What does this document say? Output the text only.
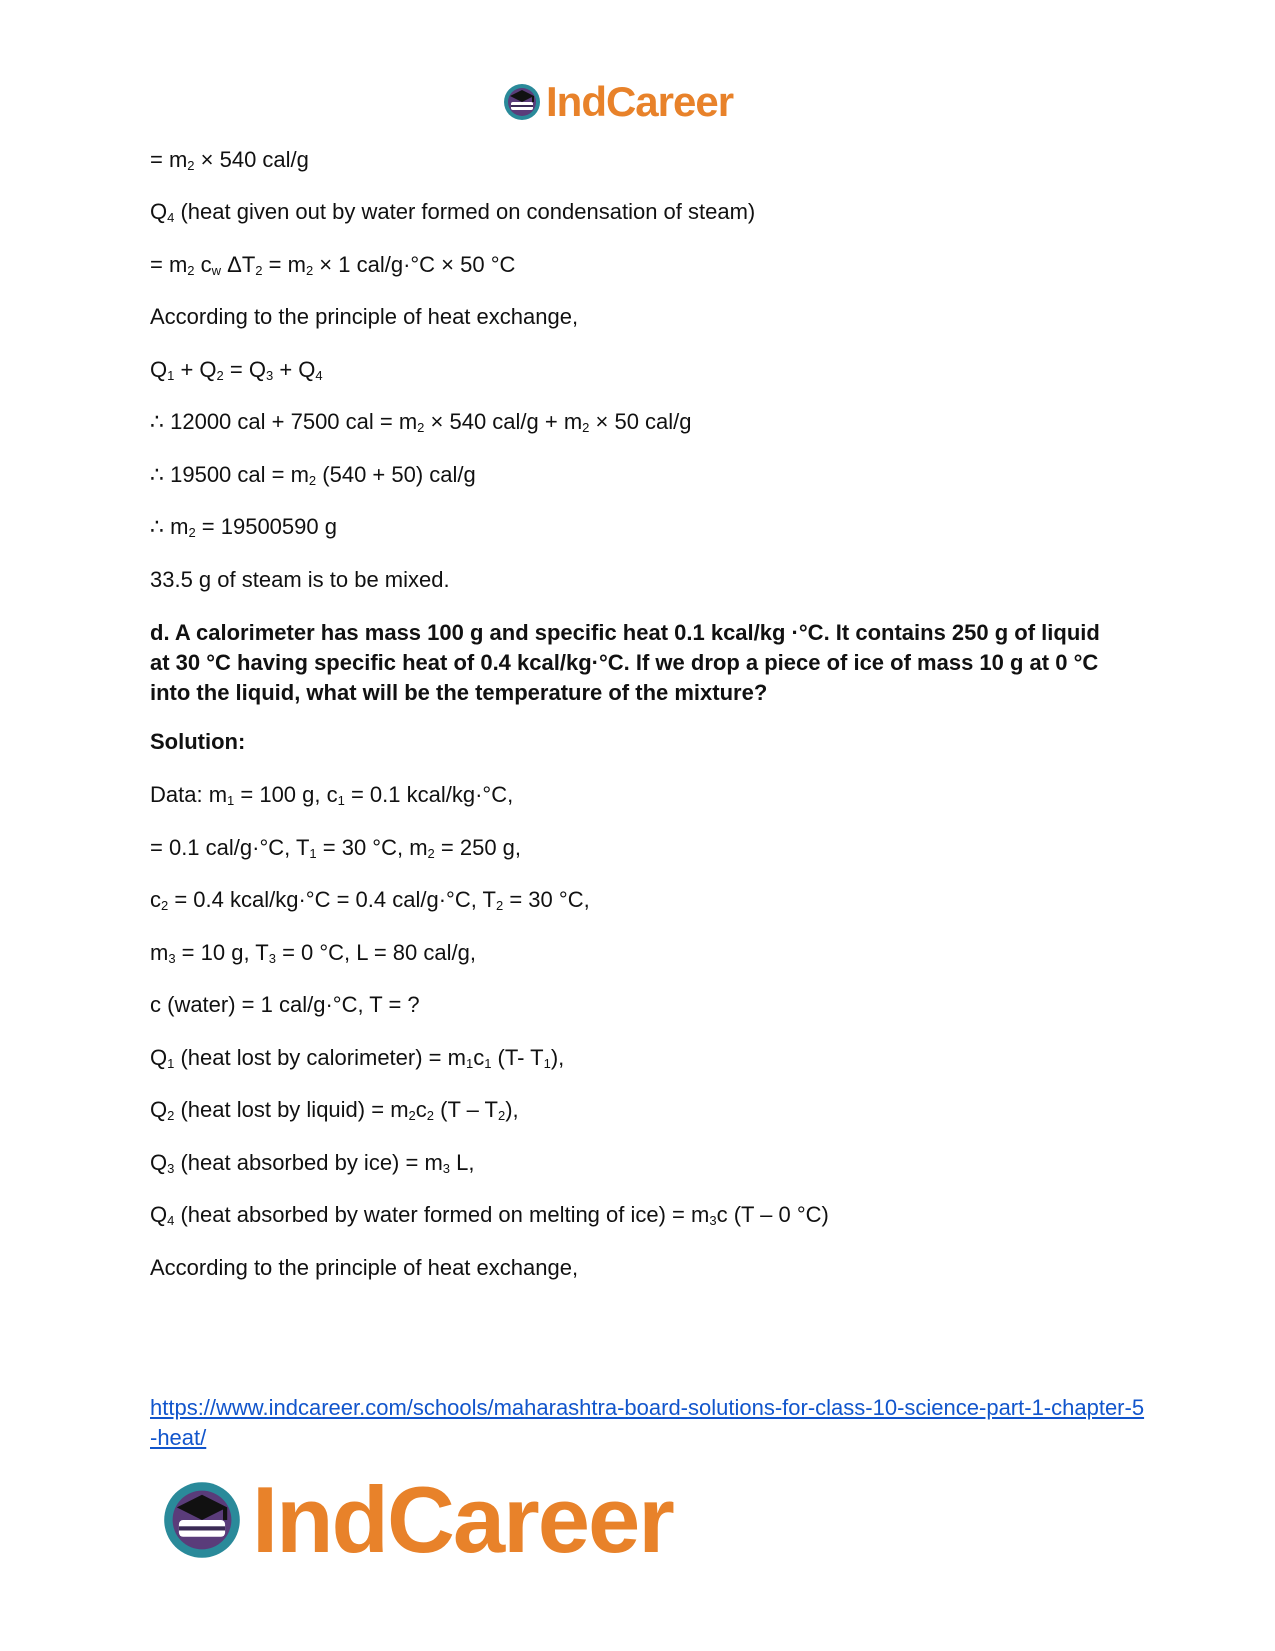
IndCareer

= $m_2 \times 540$ cal/g

$Q_4$ (heat given out by water formed on condensation of steam)

= $m_2$ $c_w$ $\Delta T_2 = m_2 \times 1$ cal/g·°C × 50 °C

According to the principle of heat exchange,

$Q_1 + Q_2 = Q_3 + Q_4$

∴ 12000 cal + 7500 cal = $m_2 \times 540$ $cal/g + m_2 \times 50$ cal/g

∴ 19500 cal = $m_2$ (540 + 50) cal/g

∴ $m_2 = 19500590$ g

33.5 g of steam is to be mixed.

d. A calorimeter has mass 100 g and specific heat 0.1 kcal/kg ·°C. It contains 250 g of liquid at 30 °C having specific heat of 0.4 kcal/kg·°C. If we drop a piece of ice of mass 10 g at 0 °C into the liquid, what will be the temperature of the mixture?

Solution:

Data: $m_1 = 100$ g, $c_1 = 0.1$ kcal/kg·°C,

= 0.1 cal/g·°C, $T_1 = 30$ °C, $m_2 = 250$ g,

$c_2 = 0.4$ kcal/kg·°C = 0.4 cal/g·°C, $T_2 = 30$ °C,

$m_3 = 10$ g, $T_3 = 0$ °C, L = 80 cal/g,

c (water) = 1 cal/g·°C, T = ?

$Q_1$ (heat lost by calorimeter) = $m_1c_1$ (T- $T_1$),

$Q_2$ (heat lost by liquid) = $m_2c_2$ $(T - T_2)$,

$Q_3$ (heat absorbed by $ice) = m_3$ L,

$Q_4$ (heat absorbed by water formed on melting of $ice) = m_3c$ (T – 0 °C)

According to the principle of heat exchange,

https://www.indcareer.com/schools/maharashtra-board-solutions-for-class-10-science-part-1-chapter-5-heat/
IndCareer
